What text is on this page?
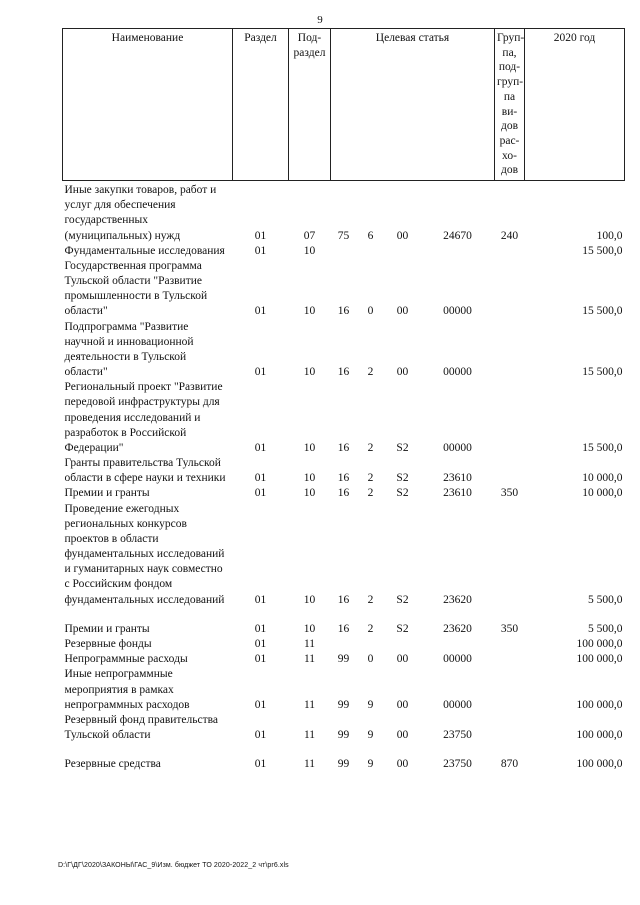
9
Наименование	Раздел	Под-раздел	Целевая статья				Груп-па, под-груп-па ви-дов рас-хо-дов	2020 год

Иные закупки товаров, работ и услуг для обеспечения государственных (муниципальных) нужд	01	07	75	6	00	24670	240	100,0
Фундаментальные исследования	01	10						15 500,0
Государственная программа Тульской области "Развитие промышленности в Тульской области"	01	10	16	0	00	00000		15 500,0
Подпрограмма "Развитие научной и инновационной деятельности в Тульской области"	01	10	16	2	00	00000		15 500,0
Региональный проект "Развитие передовой инфраструктуры для проведения исследований и разработок в Российской Федерации"	01	10	16	2	S2	00000		15 500,0
Гранты правительства Тульской области в сфере науки и техники	01	10	16	2	S2	23610		10 000,0
Премии и гранты	01	10	16	2	S2	23610	350	10 000,0
Проведение ежегодных региональных конкурсов проектов в области фундаментальных исследований и гуманитарных наук совместно с Российским фондом фундаментальных исследований	01	10	16	2	S2	23620		5 500,0

Премии и гранты	01	10	16	2	S2	23620	350	5 500,0
Резервные фонды	01	11						100 000,0
Непрограммные расходы	01	11	99	0	00	00000		100 000,0
Иные непрограммные мероприятия в рамках непрограммных расходов	01	11	99	9	00	00000		100 000,0
Резервный фонд правительства Тульской области	01	11	99	9	00	23750		100 000,0

Резервные средства	01	11	99	9	00	23750	870	100 000,0
D:\Г\ДГ\2020\ЗАКОНЫ\ГАС_9\Изм. бюджет ТО 2020-2022_2 чт\pr6.xls
